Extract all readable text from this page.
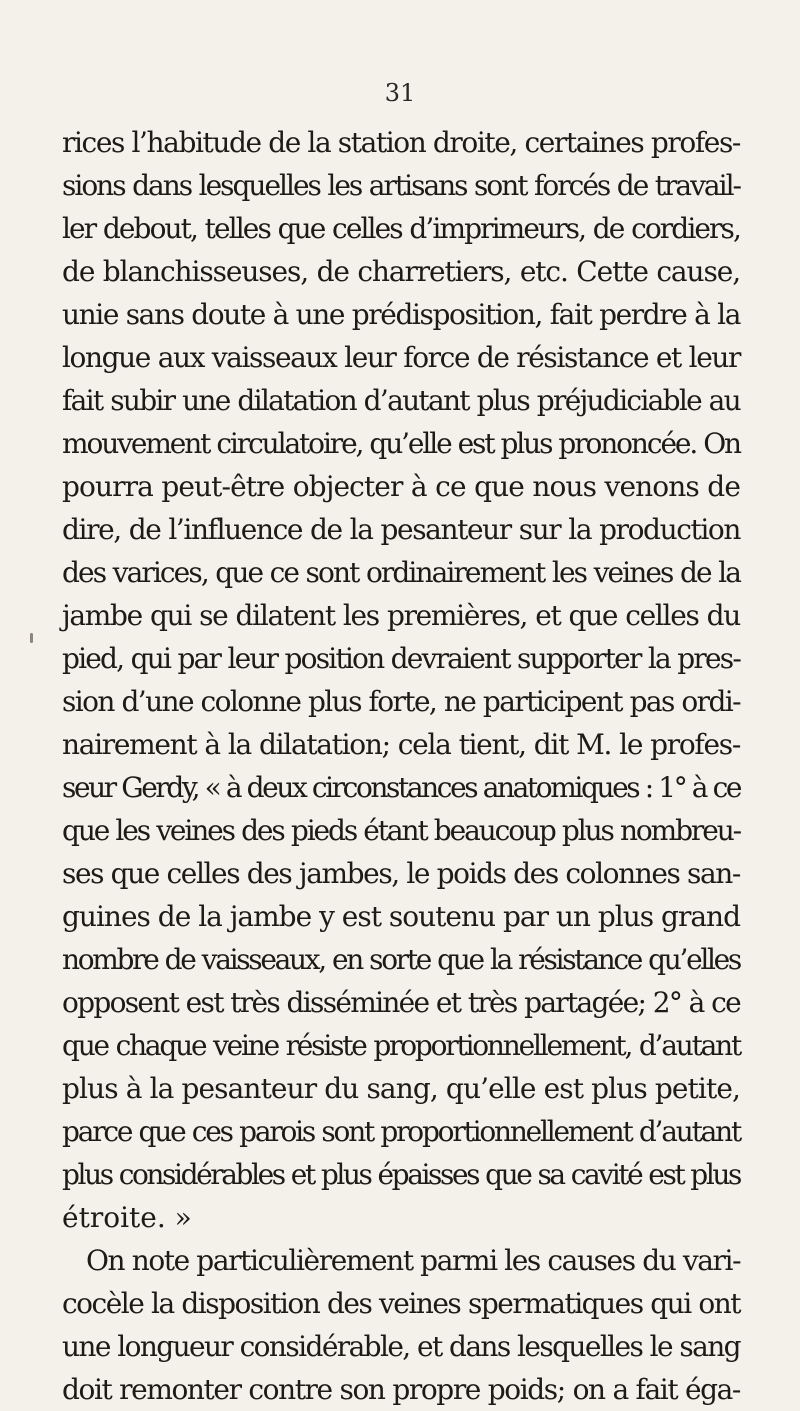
31
rices l’habitude de la station droite, certaines profes-
sions dans lesquelles les artisans sont forcés de travail-
ler debout, telles que celles d’imprimeurs, de cordiers,
de blanchisseuses, de charretiers, etc. Cette cause,
unie sans doute à une prédisposition, fait perdre à la
longue aux vaisseaux leur force de résistance et leur
fait subir une dilatation d’autant plus préjudiciable au
mouvement circulatoire, qu’elle est plus prononcée. On
pourra peut-être objecter à ce que nous venons de
dire, de l’influence de la pesanteur sur la production
des varices, que ce sont ordinairement les veines de la
jambe qui se dilatent les premières, et que celles du
pied, qui par leur position devraient supporter la pres-
sion d’une colonne plus forte, ne participent pas ordi-
nairement à la dilatation; cela tient, dit M. le profes-
seur Gerdy, « à deux circonstances anatomiques : 1° à ce
que les veines des pieds étant beaucoup plus nombreu-
ses que celles des jambes, le poids des colonnes san-
guines de la jambe y est soutenu par un plus grand
nombre de vaisseaux, en sorte que la résistance qu’elles
opposent est très disséminée et très partagée; 2° à ce
que chaque veine résiste proportionnellement, d’autant
plus à la pesanteur du sang, qu’elle est plus petite,
parce que ces parois sont proportionnellement d’autant
plus considérables et plus épaisses que sa cavité est plus
étroite. »
On note particulièrement parmi les causes du vari-
cocèle la disposition des veines spermatiques qui ont
une longueur considérable, et dans lesquelles le sang
doit remonter contre son propre poids; on a fait éga-
